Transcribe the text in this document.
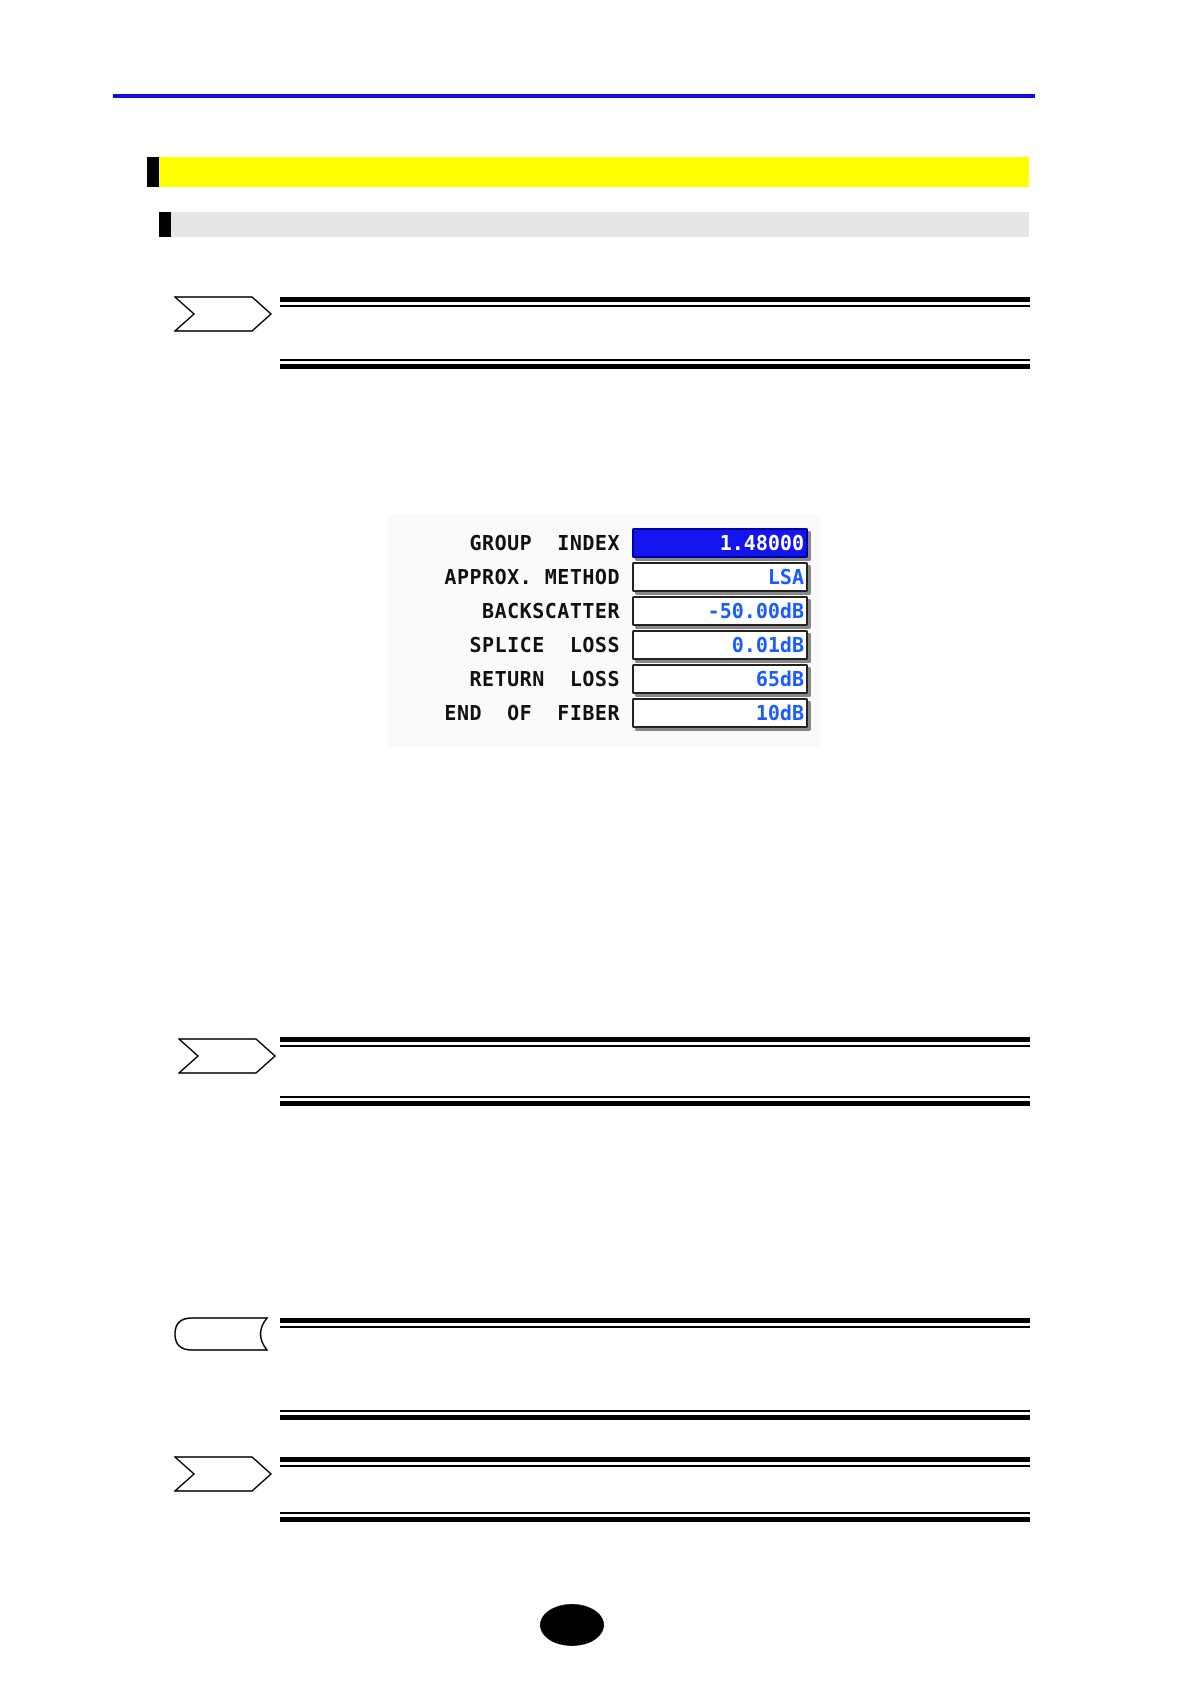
GROUP  INDEX	1.48000
APPROX. METHOD	LSA
BACKSCATTER	-50.00dB
SPLICE  LOSS	0.01dB
RETURN  LOSS	65dB
END  OF  FIBER	10dB
